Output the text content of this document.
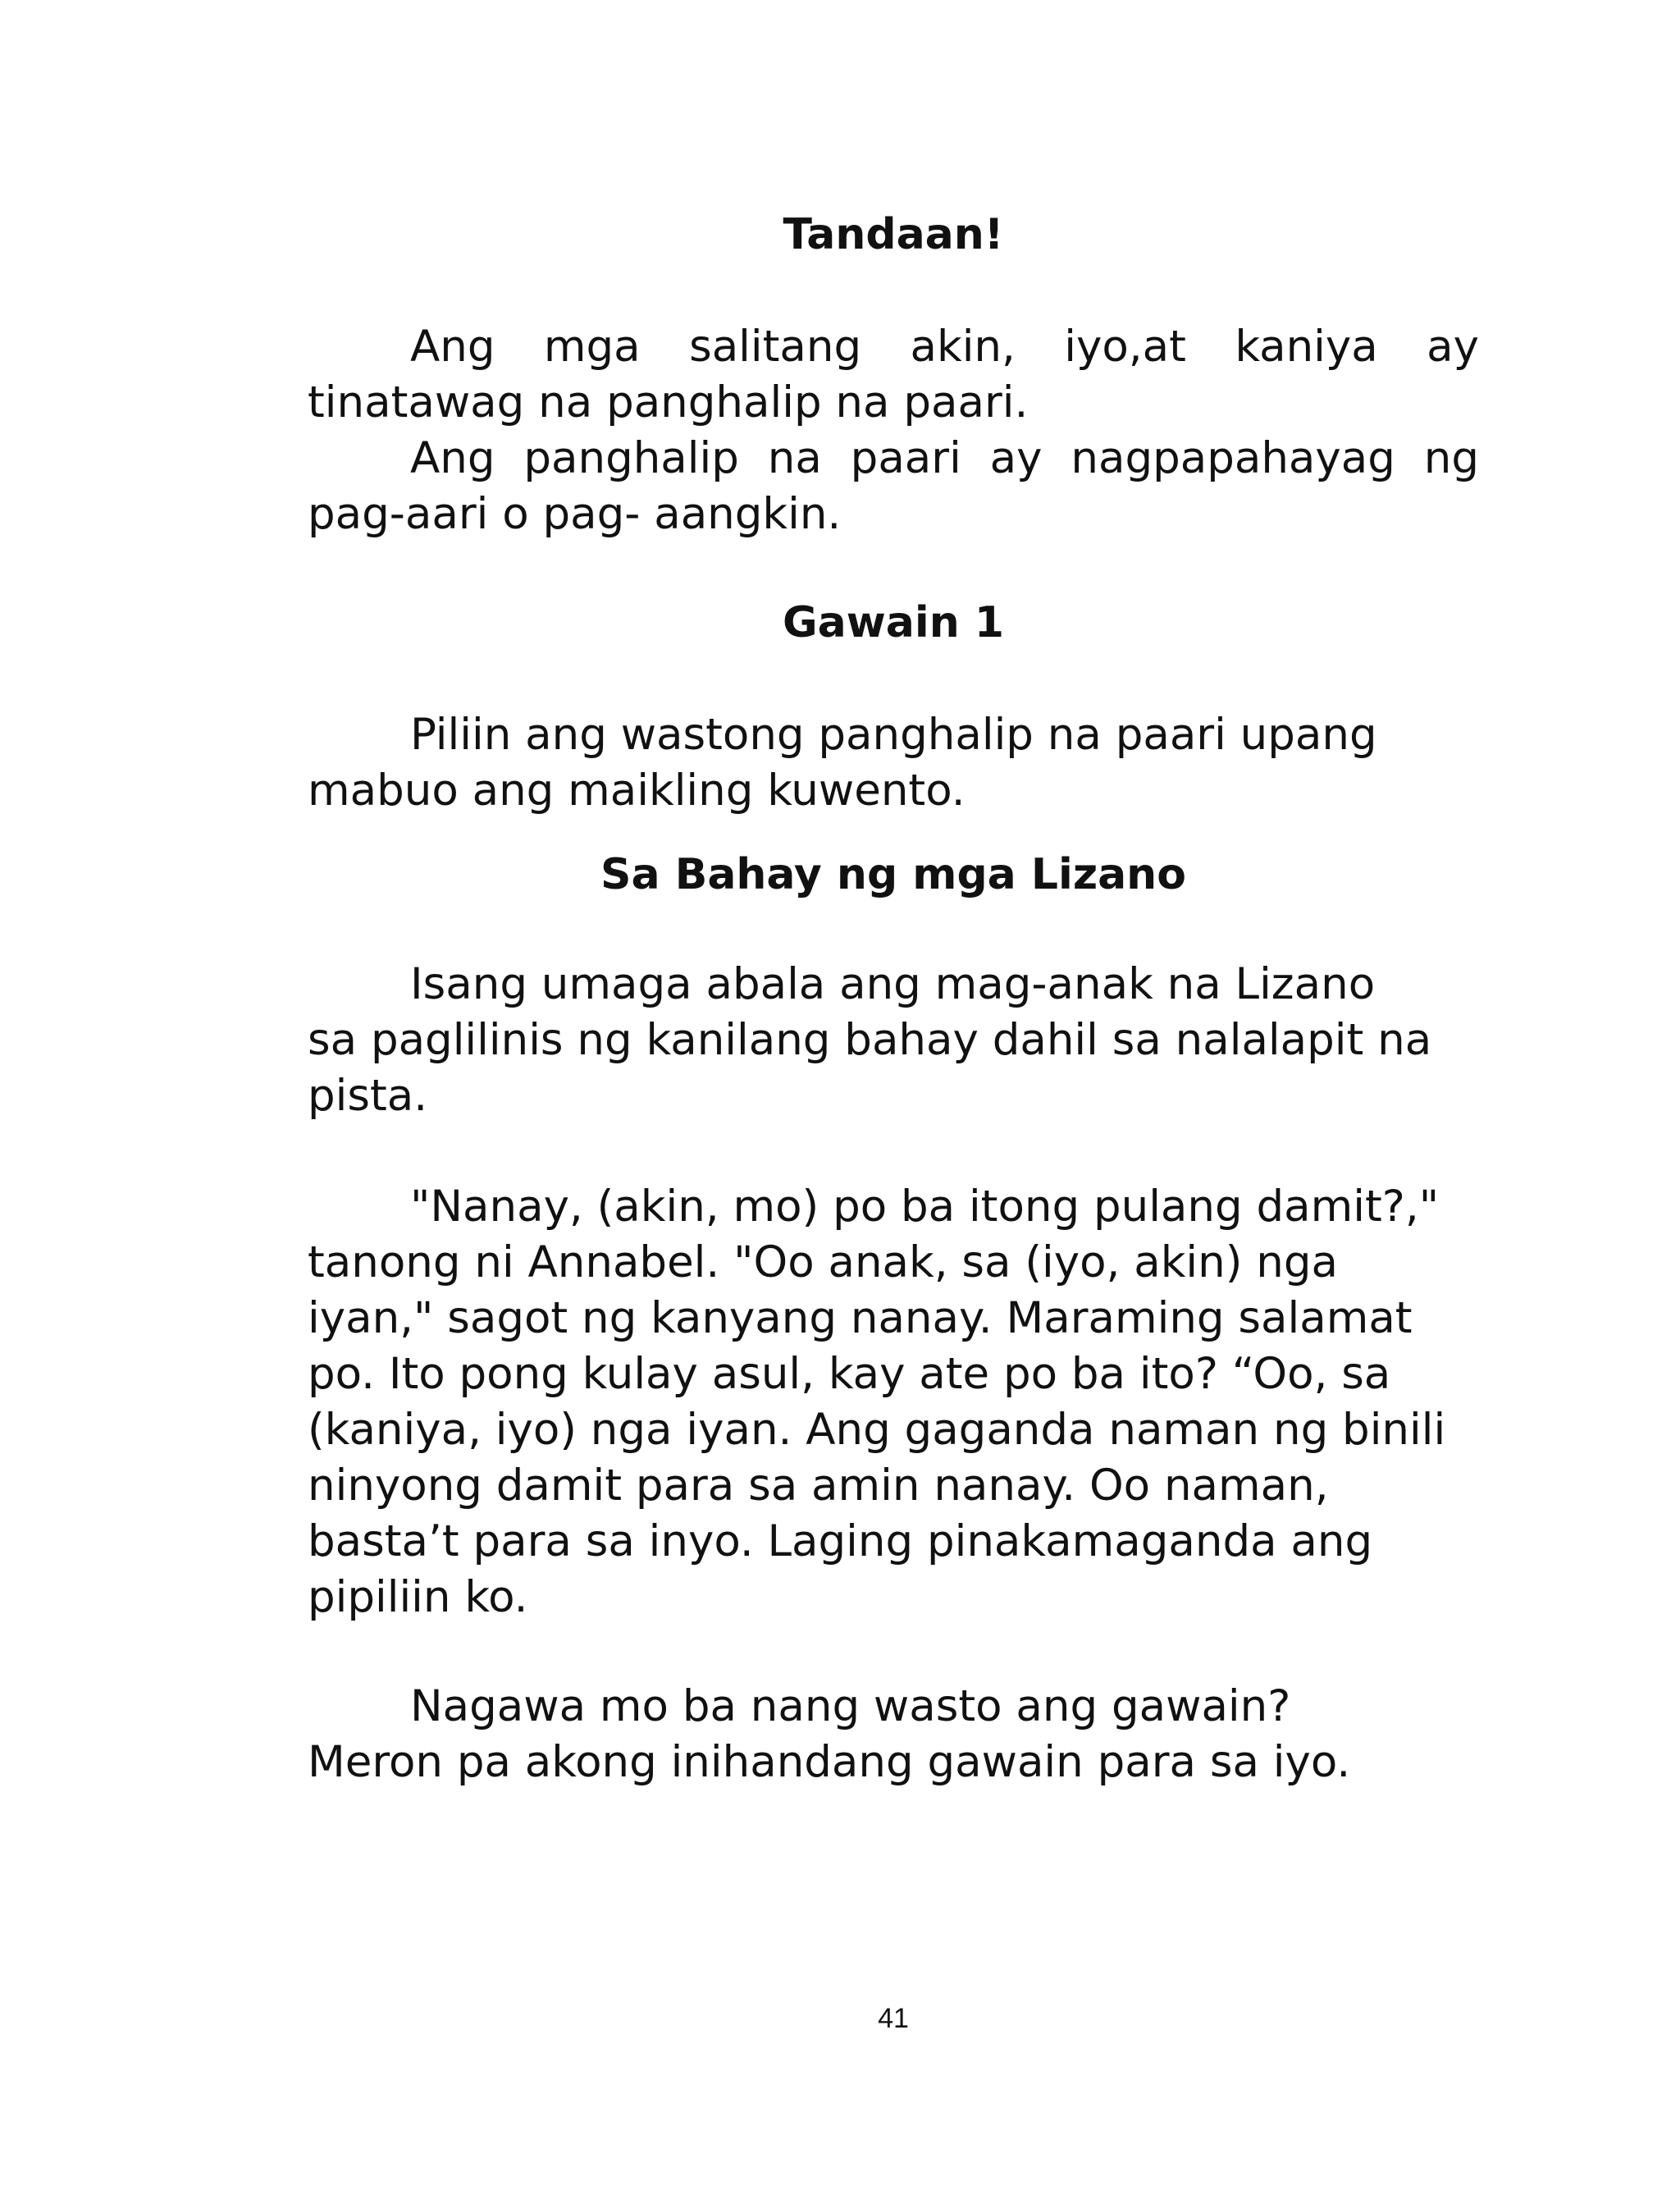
Tandaan!

Ang mga salitang akin, iyo,at kaniya ay tinatawag na panghalip na paari.

Ang panghalip na paari ay nagpapahayag ng pag-aari o pag- aangkin.

Gawain 1
Piliin ang wastong panghalip na paari upang
mabuo ang maikling kuwento.
Sa Bahay ng mga Lizano
Isang umaga abala ang mag-anak na Lizano
sa paglilinis ng kanilang bahay dahil sa nalalapit na
pista.
"Nanay, (akin, mo) po ba itong pulang damit?,"
tanong ni Annabel. "Oo anak, sa (iyo, akin) nga
iyan," sagot ng kanyang nanay. Maraming salamat
po. Ito pong kulay asul, kay ate po ba ito? “Oo, sa
(kaniya, iyo) nga iyan. Ang gaganda naman ng binili
ninyong damit para sa amin nanay. Oo naman,
basta’t para sa inyo. Laging pinakamaganda ang
pipiliin ko.
Nagawa mo ba nang wasto ang gawain?
Meron pa akong inihandang gawain para sa iyo.
41
